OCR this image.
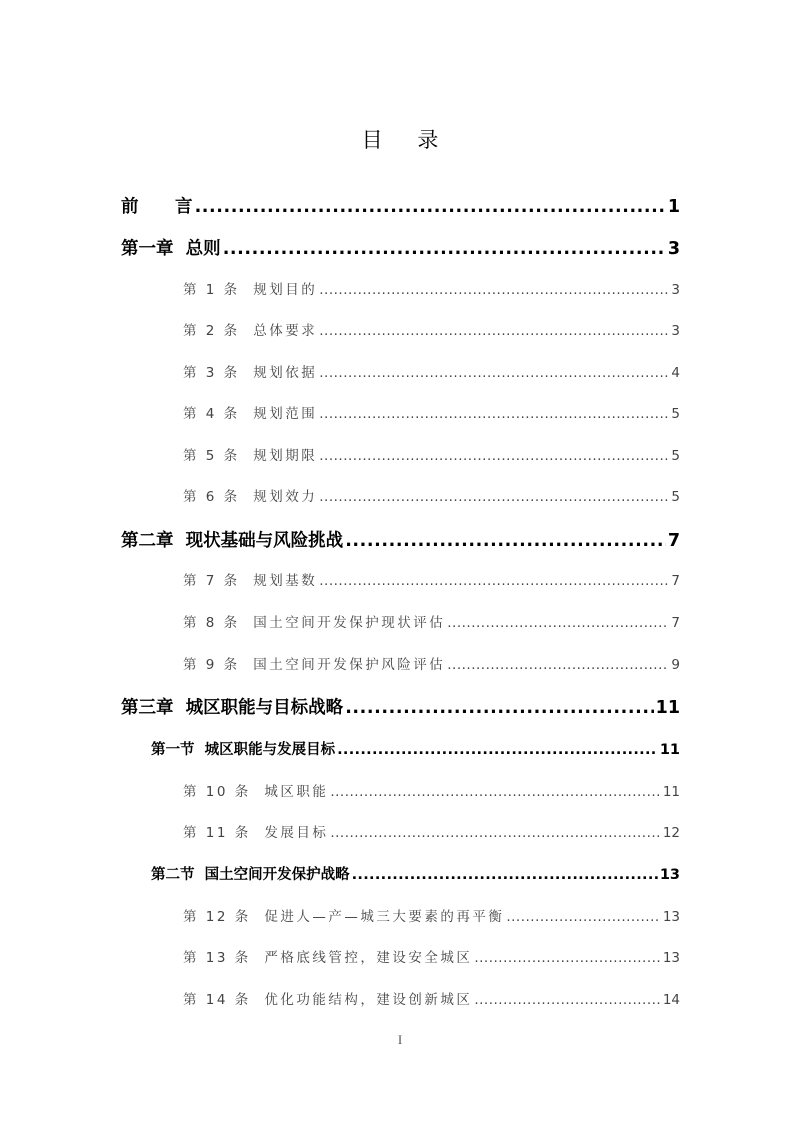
目 录
前      言 .....	1
第一章  总则 .....	3
第 1 条  规划目的 .....	3
第 2 条  总体要求 .....	3
第 3 条  规划依据 .....	4
第 4 条  规划范围 .....	5
第 5 条  规划期限 .....	5
第 6 条  规划效力 .....	5
第二章  现状基础与风险挑战 .....	7
第 7 条  规划基数 .....	7
第 8 条  国土空间开发保护现状评估 .....	7
第 9 条  国土空间开发保护风险评估 .....	9
第三章  城区职能与目标战略 .....	11
第一节  城区职能与发展目标 .....	11
第 10 条  城区职能 .....	11
第 11 条  发展目标 .....	12
第二节  国土空间开发保护战略 .....	13
第 12 条  促进人—产—城三大要素的再平衡 .....	13
第 13 条  严格底线管控，建设安全城区 .....	13
第 14 条  优化功能结构，建设创新城区 .....	14
I
